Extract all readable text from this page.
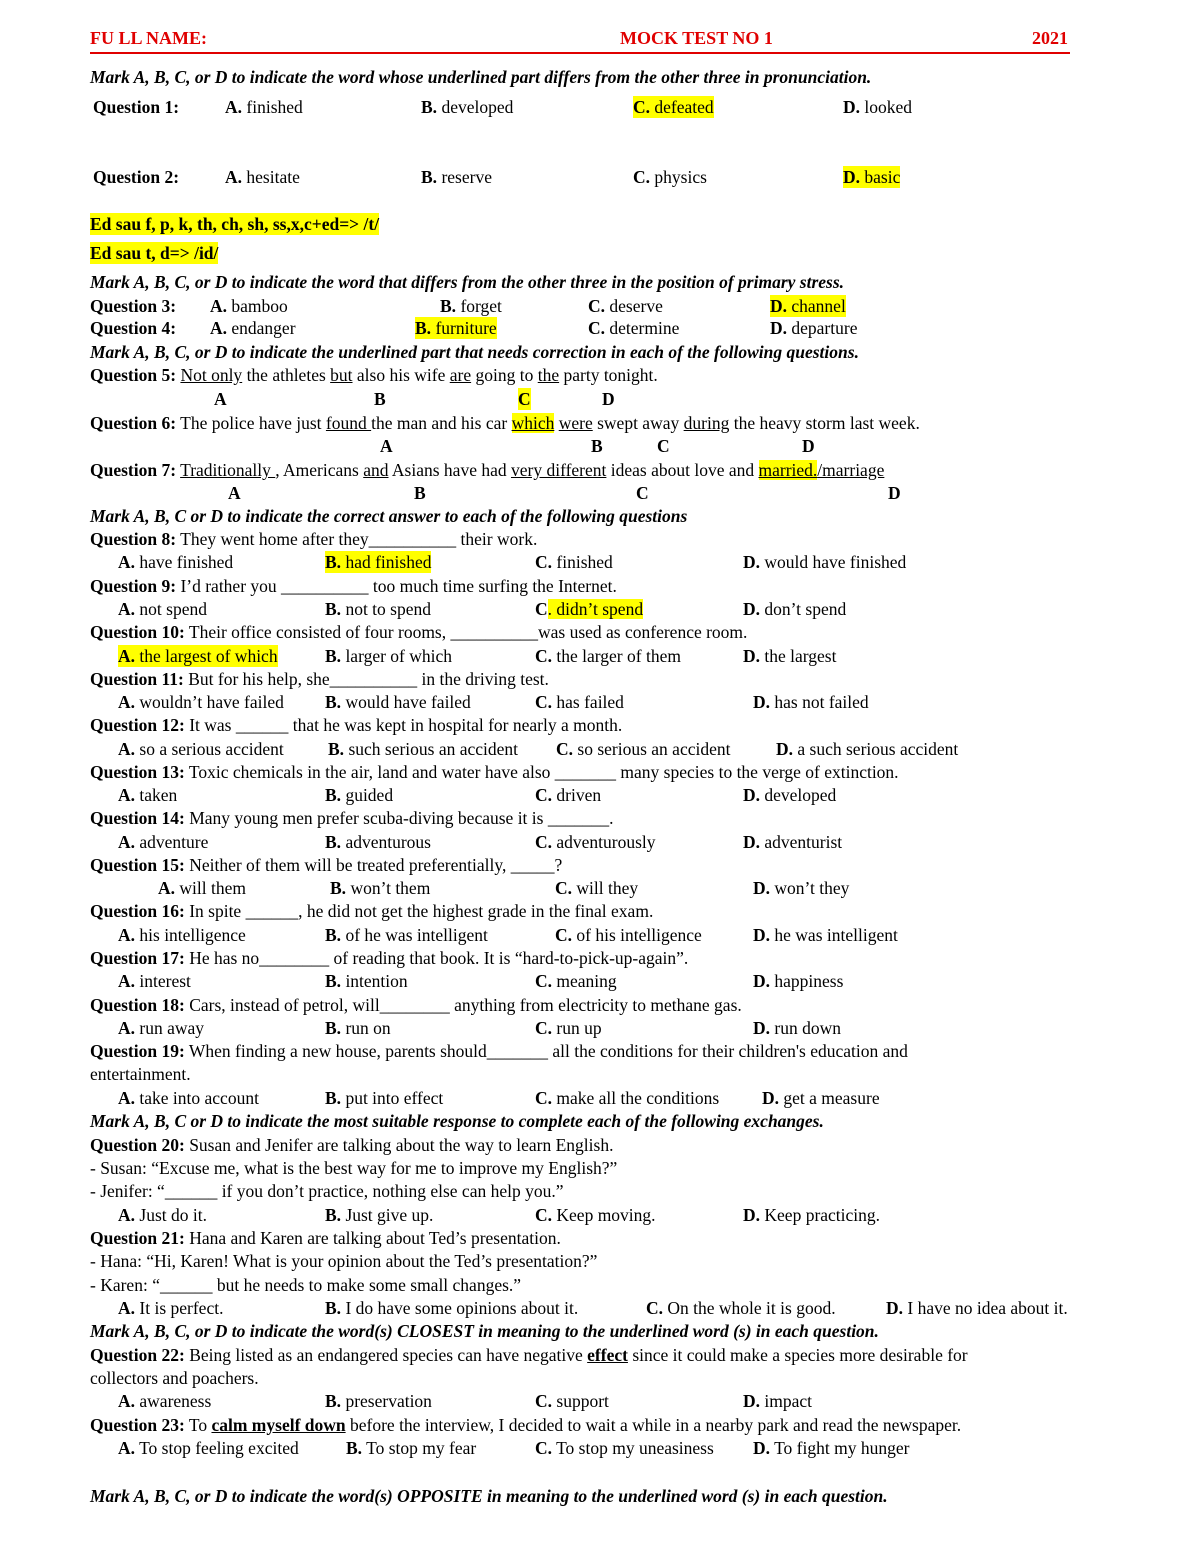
FU LL NAME:	MOCK TEST NO 1	2021
Mark A, B, C, or D to indicate the word whose underlined part differs from the other three in pronunciation.
Question 1:	A. finished	B. developed	C. defeated	D. looked
Question 2:	A. hesitate	B. reserve	C. physics	D. basic
Ed sau f, p, k, th, ch, sh, ss,x,c+ed=> /t/
Ed sau t, d=> /id/
Mark A, B, C, or D to indicate the word that differs from the other three in the position of primary stress.
Question 3: A. bamboo	B. forget	C. deserve	D. channel
Question 4: A. endanger	B. furniture	C. determine	D. departure
Mark A, B, C, or D to indicate the underlined part that needs correction in each of the following questions.
Question 5: Not only the athletes but also his wife are going to the party tonight.
A	B	C	D
Question 6: The police have just found the man and his car which were swept away during the heavy storm last week.
A	B	C	D
Question 7: Traditionally , Americans and Asians have had very different ideas about love and married./marriage
A	B	C	D
Mark A, B, C or D to indicate the correct answer to each of the following questions
Question 8: They went home after they__________ their work.
A. have finished	B. had finished	C. finished	D. would have finished
Question 9: I’d rather you __________ too much time surfing the Internet.
A. not spend	B. not to spend	C. didn’t spend	D. don’t spend
Question 10: Their office consisted of four rooms, __________was used as conference room.
A. the largest of which	B. larger of which	C. the larger of them	D. the largest
Question 11: But for his help, she__________ in the driving test.
A. wouldn’t have failed B. would have failed	C. has failed	D. has not failed
Question 12: It was ______ that he was kept in hospital for nearly a month.
A. so a serious accident	B. such serious an accident C. so serious an accident	D. a such serious accident
Question 13: Toxic chemicals in the air, land and water have also _______ many species to the verge of extinction.
A. taken	B. guided	C. driven	D. developed
Question 14: Many young men prefer scuba-diving because it is _______.
A. adventure	B. adventurous	C. adventurously	D. adventurist
Question 15: Neither of them will be treated preferentially, _____?
A. will them	B. won’t them	C. will they	D. won’t they
Question 16: In spite ______, he did not get the highest grade in the final exam.
A. his intelligence	B. of he was intelligent	C. of his intelligence	D. he was intelligent
Question 17: He has no________ of reading that book. It is “hard-to-pick-up-again”.
A. interest	B. intention	C. meaning	D. happiness
Question 18: Cars, instead of petrol, will________ anything from electricity to methane gas.
A. run away	B. run on	C. run up	D. run down
Question 19: When finding a new house, parents should_______ all the conditions for their children's education and
entertainment.
A. take into account	B. put into effect	C. make all the conditions D. get a measure
Mark A, B, C or D to indicate the most suitable response to complete each of the following exchanges.
Question 20: Susan and Jenifer are talking about the way to learn English.
- Susan: “Excuse me, what is the best way for me to improve my English?”
- Jenifer: “______ if you don’t practice, nothing else can help you.”
A. Just do it.	B. Just give up.	C. Keep moving.	D. Keep practicing.
Question 21: Hana and Karen are talking about Ted’s presentation.
- Hana: “Hi, Karen! What is your opinion about the Ted’s presentation?”
- Karen: “______ but he needs to make some small changes.”
A. It is perfect.	B. I do have some opinions about it.	C. On the whole it is good.	D. I have no idea about it.
Mark A, B, C, or D to indicate the word(s) CLOSEST in meaning to the underlined word (s) in each question.
Question 22: Being listed as an endangered species can have negative effect since it could make a species more desirable for
collectors and poachers.
A. awareness	B. preservation	C. support	D. impact
Question 23: To calm myself down before the interview, I decided to wait a while in a nearby park and read the newspaper.
A. To stop feeling excited	B. To stop my fear	C. To stop my uneasiness D. To fight my hunger
Mark A, B, C, or D to indicate the word(s) OPPOSITE in meaning to the underlined word (s) in each question.
